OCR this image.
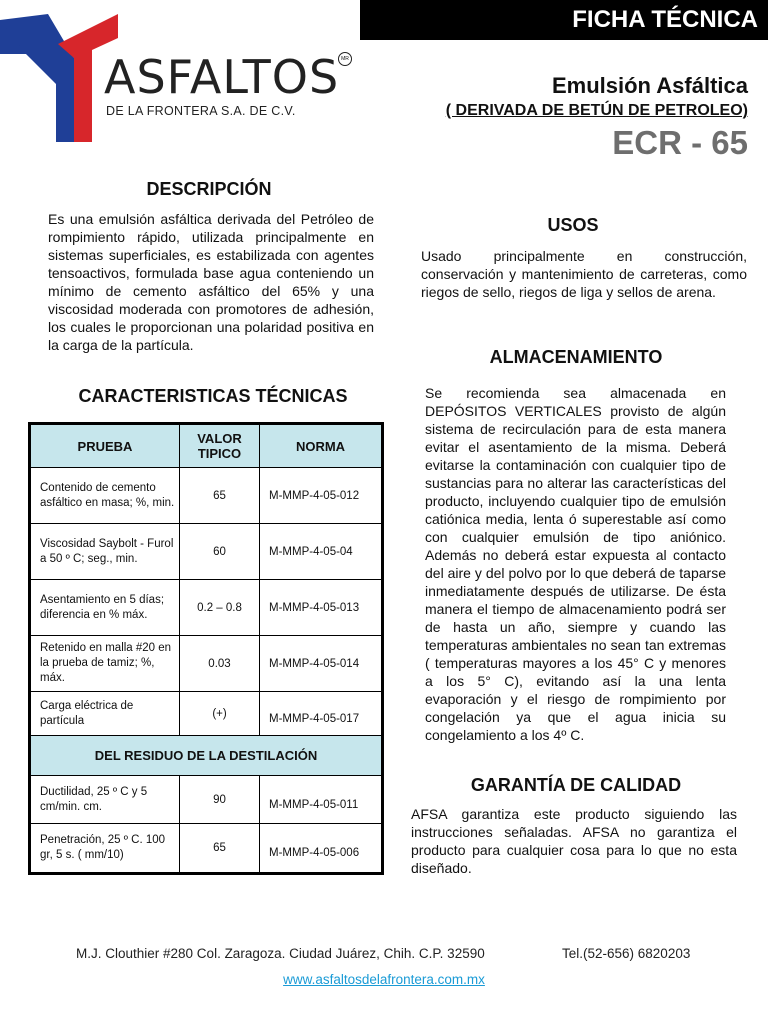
FICHA TÉCNICA
ASFALTOS MR
DE LA FRONTERA S.A. DE C.V.
Emulsión Asfáltica
( DERIVADA DE BETÚN DE PETROLEO)
ECR - 65
DESCRIPCIÓN
Es una emulsión asfáltica derivada del Petróleo de rompimiento rápido, utilizada principalmente en sistemas superficiales, es estabilizada con agentes tensoactivos, formulada base agua conteniendo un mínimo de cemento asfáltico del 65% y una viscosidad moderada con promotores de adhesión, los cuales le proporcionan una polaridad positiva en la carga de la partícula.
CARACTERISTICAS TÉCNICAS
PRUEBA	VALOR TIPICO	NORMA
Contenido de cemento asfáltico en masa; %, min.	65	M-MMP-4-05-012
Viscosidad Saybolt - Furol a 50 º C; seg., min.	60	M-MMP-4-05-04
Asentamiento en 5 días; diferencia en % máx.	0.2 – 0.8	M-MMP-4-05-013
Retenido en malla #20 en la prueba de tamiz; %, máx.	0.03	M-MMP-4-05-014
Carga eléctrica de partícula	(+)	M-MMP-4-05-017
DEL RESIDUO DE LA DESTILACIÓN		
Ductilidad, 25 º C y 5 cm/min. cm.	90	M-MMP-4-05-011
Penetración, 25 º C. 100 gr, 5 s. ( mm/10)	65	M-MMP-4-05-006
USOS
Usado principalmente en construcción, conservación y mantenimiento de carreteras, como riegos de sello, riegos de liga y sellos de arena.
ALMACENAMIENTO
Se recomienda sea almacenada en DEPÓSITOS VERTICALES provisto de algún sistema de recirculación para de esta manera evitar el asentamiento de la misma. Deberá evitarse la contaminación con cualquier tipo de sustancias para no alterar las características del producto, incluyendo cualquier tipo de emulsión catiónica media, lenta ó superestable así como con cualquier emulsión de tipo aniónico. Además no deberá estar expuesta al contacto del aire y del polvo por lo que deberá de taparse inmediatamente después de utilizarse. De ésta manera el tiempo de almacenamiento podrá ser de hasta un año, siempre y cuando las temperaturas ambientales no sean tan extremas ( temperaturas mayores a los 45° C y menores a los 5° C), evitando así la una lenta evaporación y el riesgo de rompimiento por congelación ya que el agua inicia su congelamiento a los 4º C.
GARANTÍA DE CALIDAD
AFSA garantiza este producto siguiendo las instrucciones señaladas. AFSA no garantiza el producto para cualquier cosa para lo que no esta diseñado.
M.J. Clouthier #280 Col. Zaragoza. Ciudad Juárez, Chih. C.P. 32590	Tel.(52-656) 6820203
www.asfaltosdelafrontera.com.mx
